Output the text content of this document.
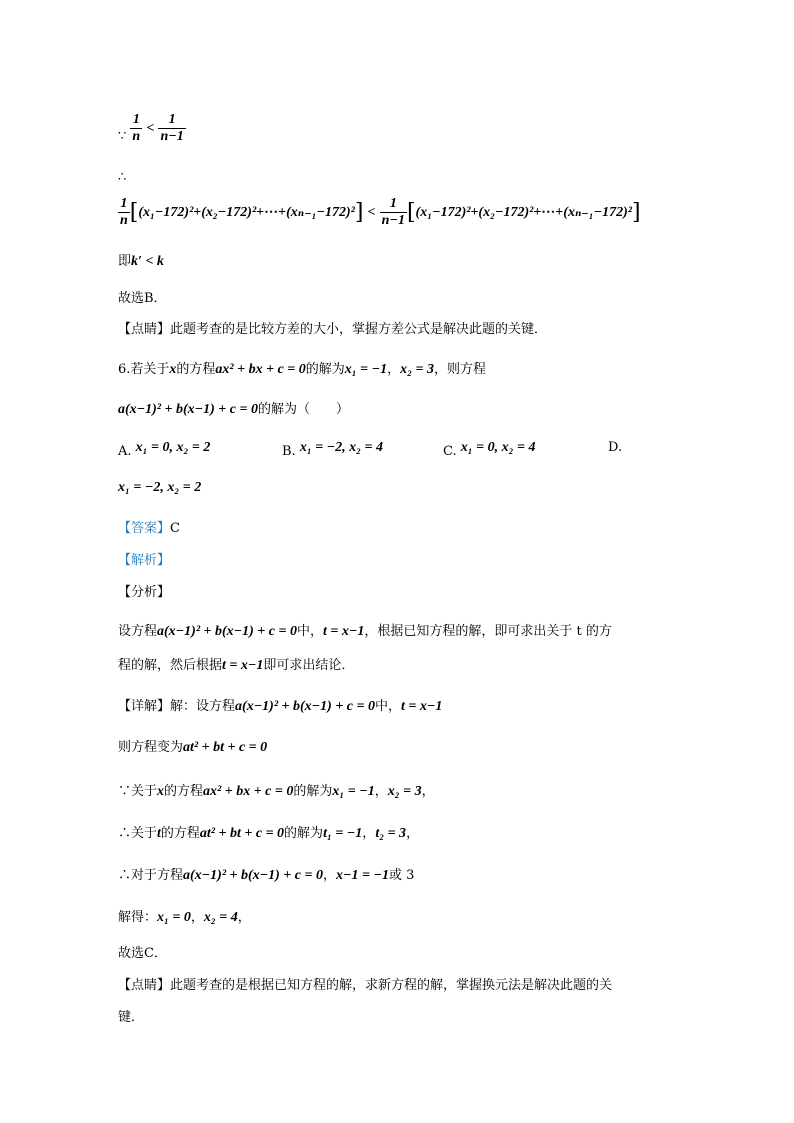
∵ $\frac{1}{n} < \frac{1}{n-1}$
∴
$\frac{1}{n}$ [(x₁−172)²+(x₂−172)²+⋯+(xₙ₋₁−172)²] < $\frac{1}{n-1}$ [(x₁−172)²+(x₂−172)²+⋯+(xₙ₋₁−172)²]
即k′ < k
故选B．
【点睛】此题考查的是比较方差的大小，掌握方差公式是解决此题的关键．
6.若关于x的方程ax² + bx + c = 0的解为x₁ = −1，x₂ = 3，则方程
a(x−1)² + b(x−1) + c = 0的解为（　　）
A. x₁ = 0, x₂ = 2	B. x₁ = −2, x₂ = 4	C. x₁ = 0, x₂ = 4	D.
x₁ = −2, x₂ = 2
【答案】C
【解析】
【分析】
设方程a(x−1)² + b(x−1) + c = 0中，t = x−1，根据已知方程的解，即可求出关于 t 的方
程的解，然后根据t = x−1即可求出结论．
【详解】解：设方程a(x−1)² + b(x−1) + c = 0中，t = x−1
则方程变为at² + bt + c = 0
∵关于x的方程ax² + bx + c = 0的解为x₁ = −1，x₂ = 3，
∴关于t的方程at² + bt + c = 0的解为t₁ = −1，t₂ = 3，
∴对于方程a(x−1)² + b(x−1) + c = 0，x−1 = −1或 3
解得：x₁ = 0，x₂ = 4，
故选C．
【点睛】此题考查的是根据已知方程的解，求新方程的解，掌握换元法是解决此题的关
键．
